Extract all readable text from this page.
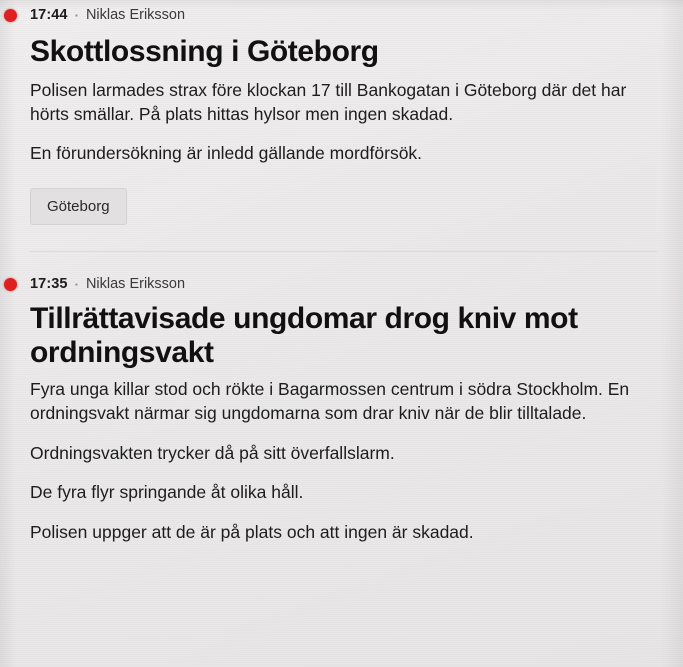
17:44 · Niklas Eriksson
Skottlossning i Göteborg

Polisen larmades strax före klockan 17 till Bankogatan i Göteborg där det har hörts smällar. På plats hittas hylsor men ingen skadad.

En förundersökning är inledd gällande mordförsök.

Göteborg
17:35 · Niklas Eriksson
Tillrättavisade ungdomar drog kniv mot ordningsvakt

Fyra unga killar stod och rökte i Bagarmossen centrum i södra Stockholm. En ordningsvakt närmar sig ungdomarna som drar kniv när de blir tilltalade.

Ordningsvakten trycker då på sitt överfallslarm.

De fyra flyr springande åt olika håll.

Polisen uppger att de är på plats och att ingen är skadad.
